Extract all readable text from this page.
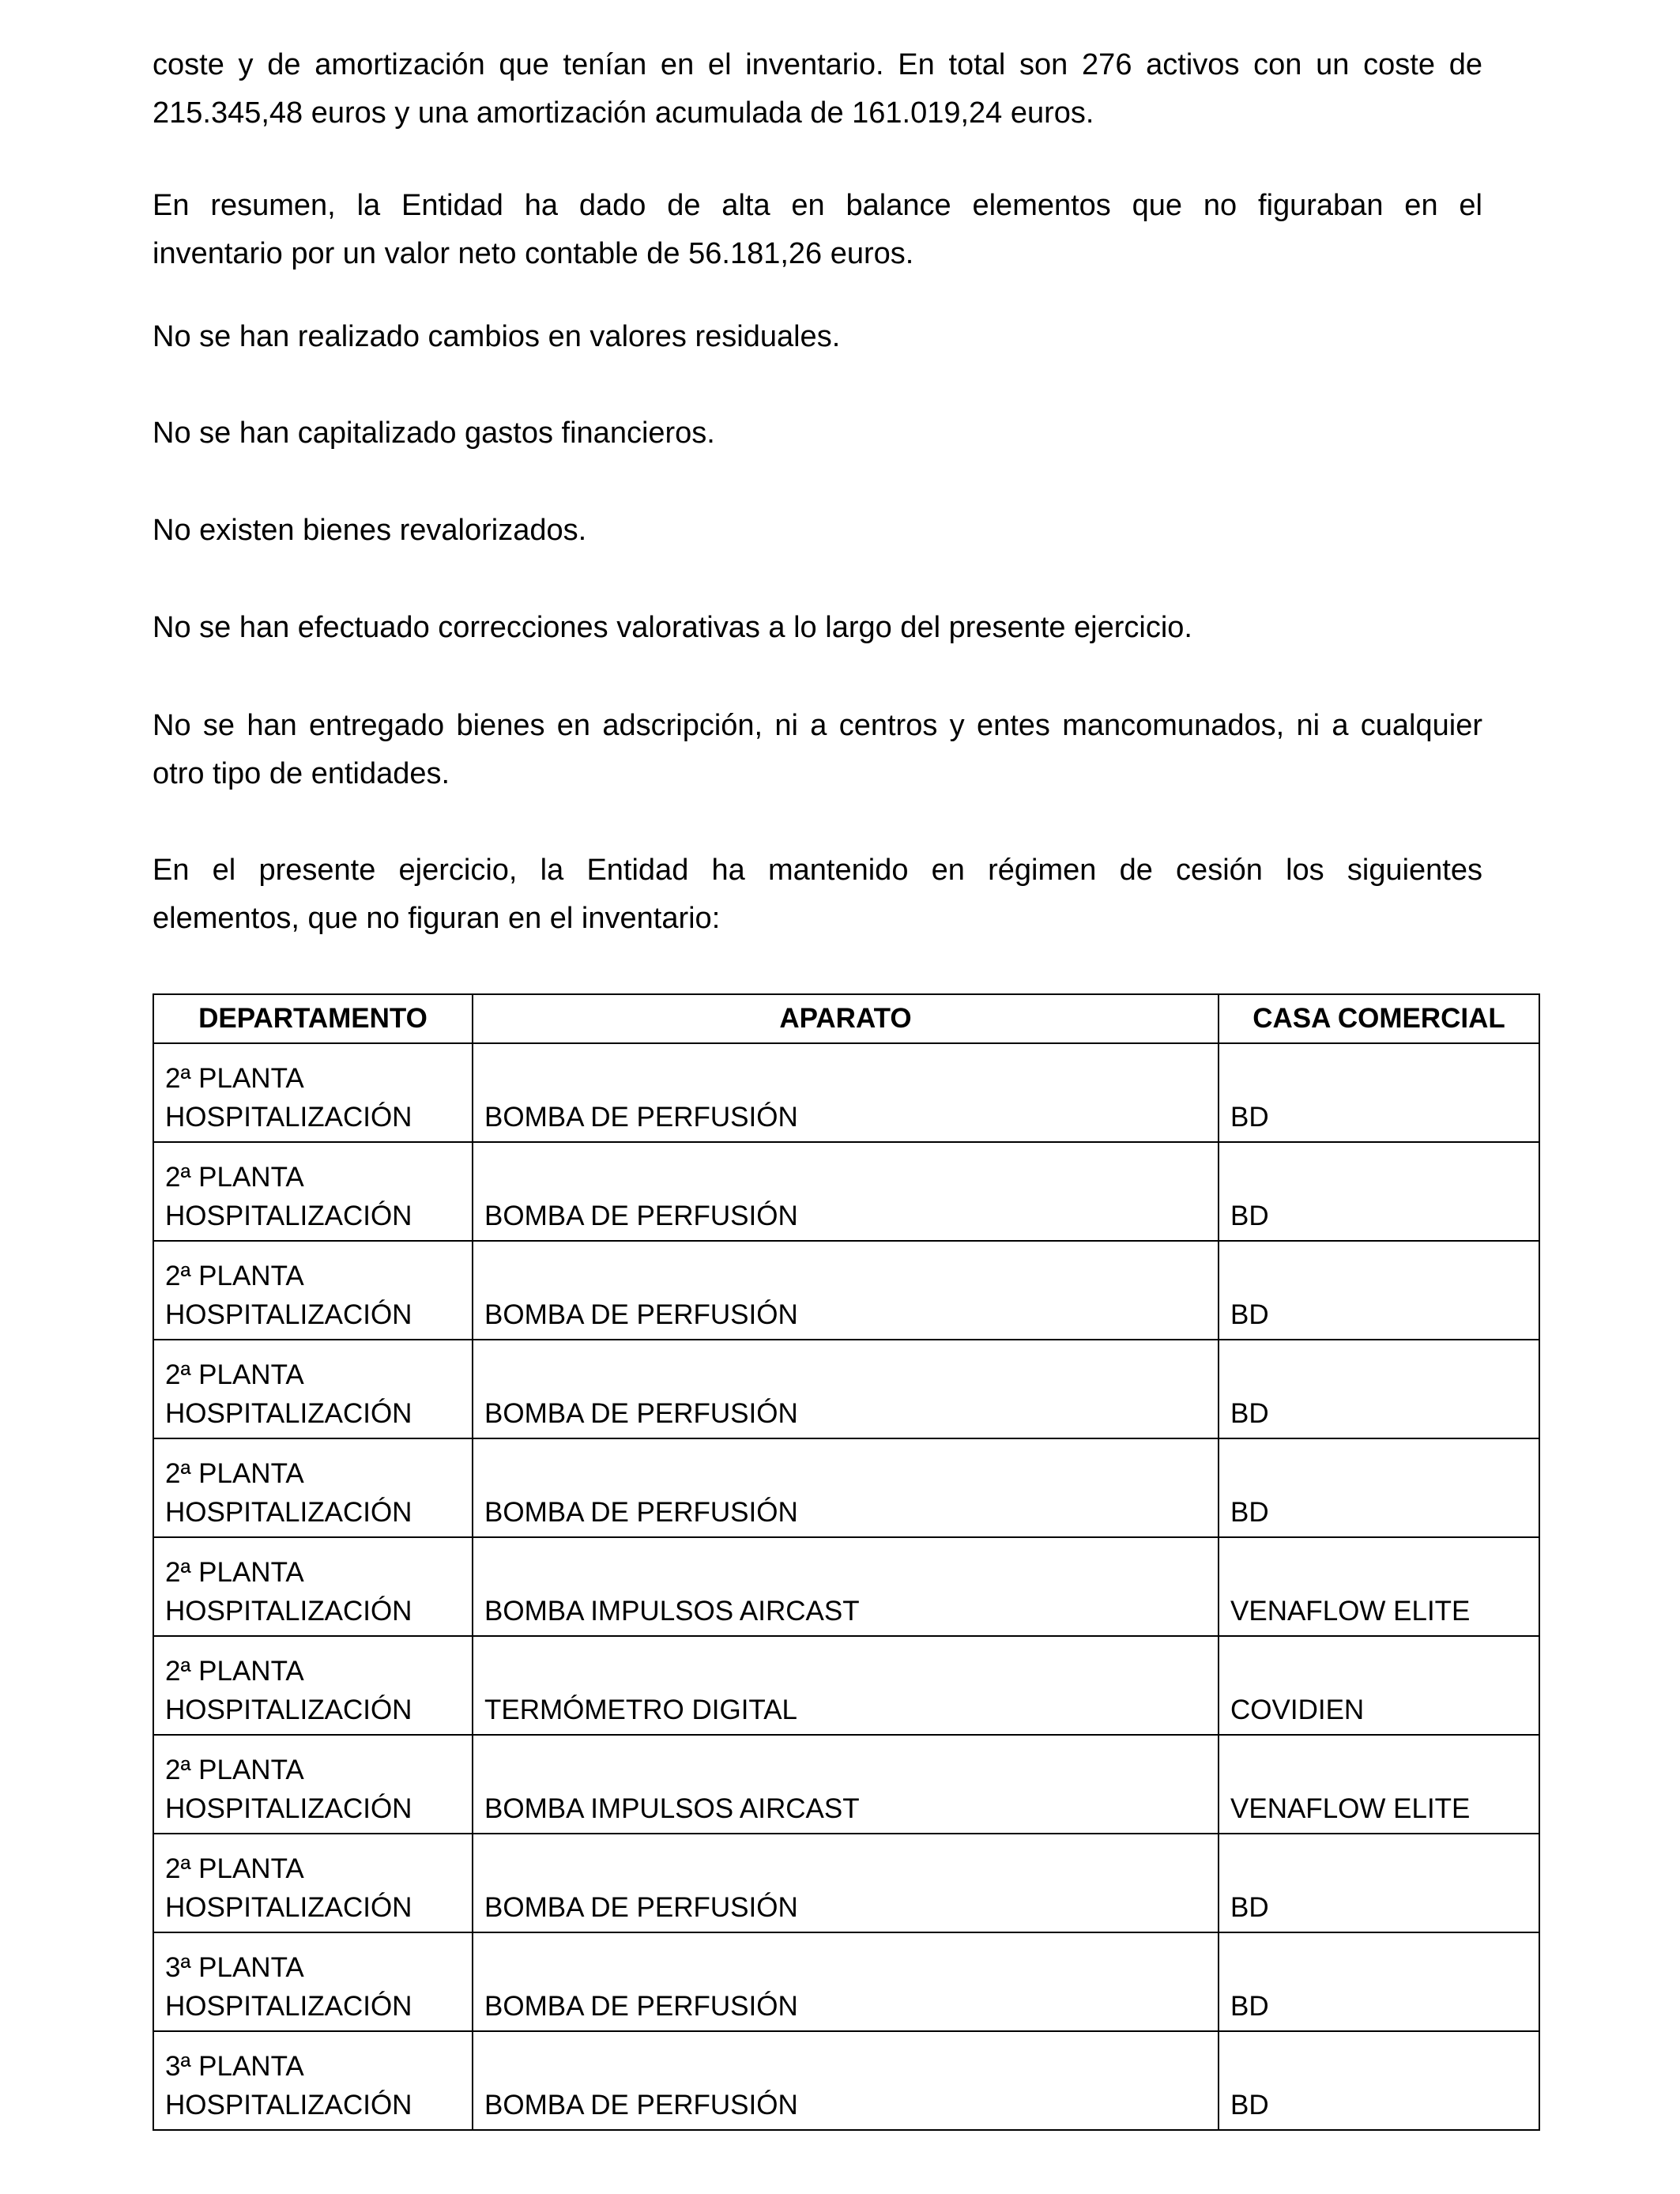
coste y de amortización que tenían en el inventario. En total son 276 activos con un coste de
215.345,48 euros y una amortización acumulada de 161.019,24 euros.

En resumen, la Entidad ha dado de alta en balance elementos que no figuraban en el
inventario por un valor neto contable de 56.181,26 euros.

No se han realizado cambios en valores residuales.

No se han capitalizado gastos financieros.

No existen bienes revalorizados.

No se han efectuado correcciones valorativas a lo largo del presente ejercicio.

No se han entregado bienes en adscripción, ni a centros y entes mancomunados, ni a cualquier
otro tipo de entidades.

En el presente ejercicio, la Entidad ha mantenido en régimen de cesión los siguientes
elementos, que no figuran en el inventario:

DEPARTAMENTO	APARATO	CASA COMERCIAL

2ª PLANTA
HOSPITALIZACIÓN	BOMBA DE PERFUSIÓN	BD

2ª PLANTA
HOSPITALIZACIÓN	BOMBA DE PERFUSIÓN	BD

2ª PLANTA
HOSPITALIZACIÓN	BOMBA DE PERFUSIÓN	BD

2ª PLANTA
HOSPITALIZACIÓN	BOMBA DE PERFUSIÓN	BD

2ª PLANTA
HOSPITALIZACIÓN	BOMBA DE PERFUSIÓN	BD

2ª PLANTA
HOSPITALIZACIÓN	BOMBA IMPULSOS AIRCAST	VENAFLOW ELITE

2ª PLANTA
HOSPITALIZACIÓN	TERMÓMETRO DIGITAL	COVIDIEN

2ª PLANTA
HOSPITALIZACIÓN	BOMBA IMPULSOS AIRCAST	VENAFLOW ELITE

2ª PLANTA
HOSPITALIZACIÓN	BOMBA DE PERFUSIÓN	BD

3ª PLANTA
HOSPITALIZACIÓN	BOMBA DE PERFUSIÓN	BD

3ª PLANTA
HOSPITALIZACIÓN	BOMBA DE PERFUSIÓN	BD
